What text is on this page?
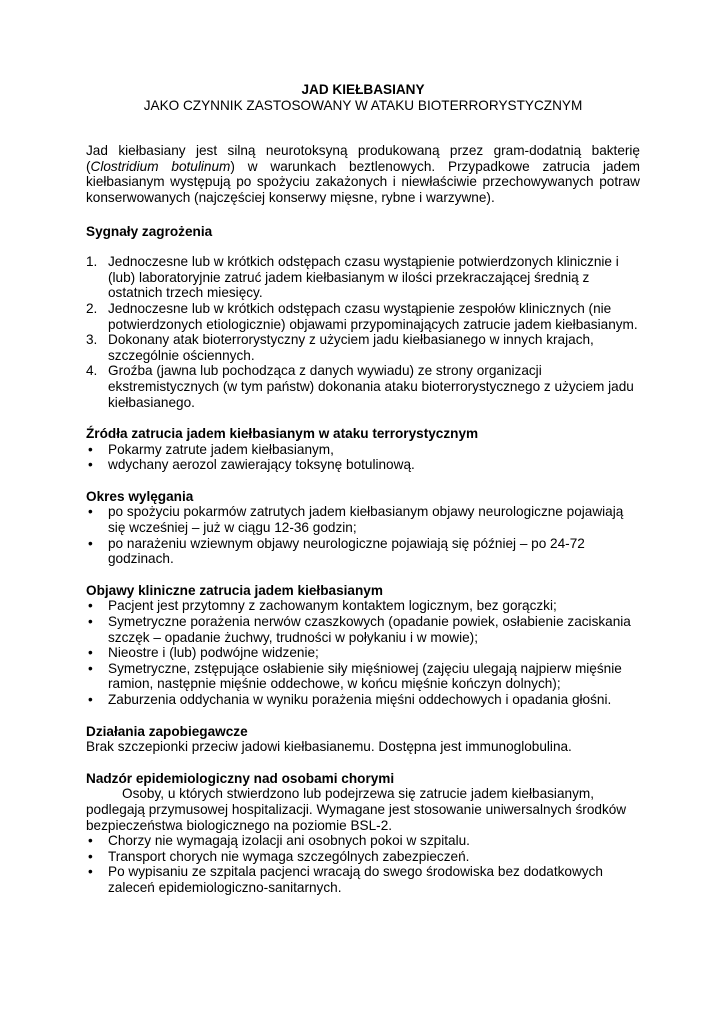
JAD KIEŁBASIANY

JAKO CZYNNIK ZASTOSOWANY W ATAKU BIOTERRORYSTYCZNYM

Jad kiełbasiany jest silną neurotoksyną produkowaną przez gram-dodatnią bakterię (Clostridium botulinum) w warunkach beztlenowych. Przypadkowe zatrucia jadem kiełbasianym występują po spożyciu zakażonych i niewłaściwie przechowywanych potraw konserwowanych (najczęściej konserwy mięsne, rybne i warzywne).

Sygnały zagrożenia
1. Jednoczesne lub w krótkich odstępach czasu wystąpienie potwierdzonych klinicznie i (lub) laboratoryjnie zatruć jadem kiełbasianym w ilości przekraczającej średnią z ostatnich trzech miesięcy.
2. Jednoczesne lub w krótkich odstępach czasu wystąpienie zespołów klinicznych (nie potwierdzonych etiologicznie) objawami przypominających zatrucie jadem kiełbasianym.
3. Dokonany atak bioterrorystyczny z użyciem jadu kiełbasianego w innych krajach, szczególnie ościennych.
4. Groźba (jawna lub pochodząca z danych wywiadu) ze strony organizacji ekstremistycznych (w tym państw) dokonania ataku bioterrorystycznego z użyciem jadu kiełbasianego.
Źródła zatrucia jadem kiełbasianym w ataku terrorystycznym
• Pokarmy zatrute jadem kiełbasianym,
• wdychany aerozol zawierający toksynę botulinową.
Okres wylęgania
• po spożyciu pokarmów zatrutych jadem kiełbasianym objawy neurologiczne pojawiają się wcześniej – już w ciągu 12-36 godzin;
• po narażeniu wziewnym objawy neurologiczne pojawiają się później – po 24-72 godzinach.
Objawy kliniczne zatrucia jadem kiełbasianym
• Pacjent jest przytomny z zachowanym kontaktem logicznym, bez gorączki;
• Symetryczne porażenia nerwów czaszkowych (opadanie powiek, osłabienie zaciskania szczęk – opadanie żuchwy, trudności w połykaniu i w mowie);
• Nieostre i (lub) podwójne widzenie;
• Symetryczne, zstępujące osłabienie siły mięśniowej (zajęciu ulegają najpierw mięśnie ramion, następnie mięśnie oddechowe, w końcu mięśnie kończyn dolnych);
• Zaburzenia oddychania w wyniku porażenia mięśni oddechowych i opadania głośni.
Działania zapobiegawcze

Brak szczepionki przeciw jadowi kiełbasianemu. Dostępna jest immunoglobulina.

Nadzór epidemiologiczny nad osobami chorymi

Osoby, u których stwierdzono lub podejrzewa się zatrucie jadem kiełbasianym, podlegają przymusowej hospitalizacji. Wymagane jest stosowanie uniwersalnych środków bezpieczeństwa biologicznego na poziomie BSL-2.

• Chorzy nie wymagają izolacji ani osobnych pokoi w szpitalu.
• Transport chorych nie wymaga szczególnych zabezpieczeń.
• Po wypisaniu ze szpitala pacjenci wracają do swego środowiska bez dodatkowych zaleceń epidemiologiczno-sanitarnych.
